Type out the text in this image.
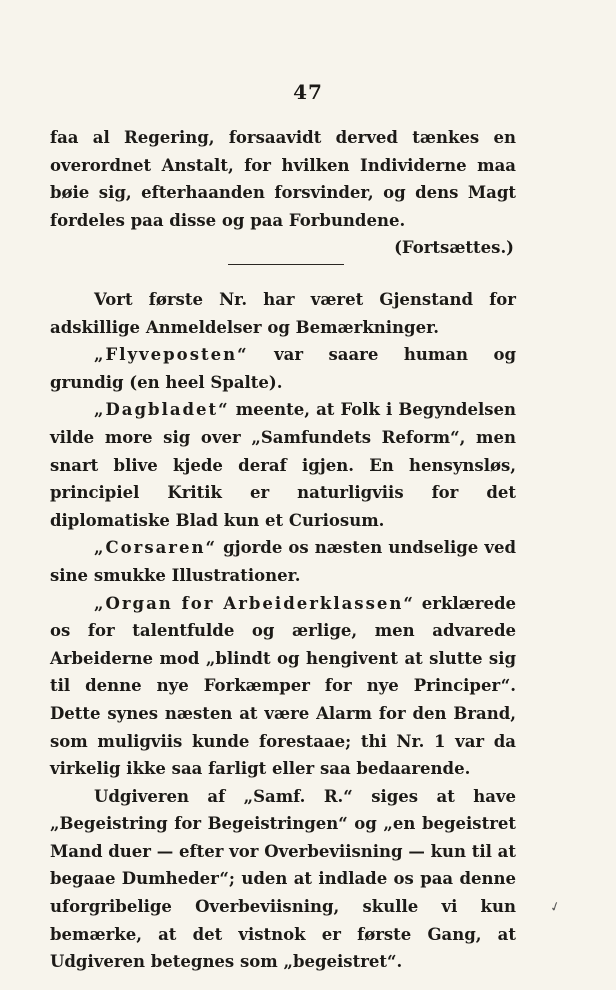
47

faa al Regering, forsaavidt derved tænkes en overordnet Anstalt, for hvilken Individerne maa bøie sig, efterhaanden forsvinder, og dens Magt fordeles paa disse og paa Forbundene.

(Fortsættes.)

Vort første Nr. har været Gjenstand for adskillige Anmeldelser og Bemærkninger.

„Flyveposten“ var saare human og grundig (en heel Spalte).

„Dagbladet“ meente, at Folk i Begyndelsen vilde more sig over „Samfundets Reform“, men snart blive kjede deraf igjen. En hensynsløs, principiel Kritik er naturligviis for det diplomatiske Blad kun et Curiosum.

„Corsaren“ gjorde os næsten undselige ved sine smukke Illustrationer.

„Organ for Arbeiderklassen“ erklærede os for talentfulde og ærlige, men advarede Arbeiderne mod „blindt og hengivent at slutte sig til denne nye Forkæmper for nye Principer“. Dette synes næsten at være Alarm for den Brand, som muligviis kunde forestaae; thi Nr. 1 var da virkelig ikke saa farligt eller saa bedaarende.

Udgiveren af „Samf. R.“ siges at have „Begeistring for Begeistringen“ og „en begeistret Mand duer — efter vor Overbeviisning — kun til at begaae Dumheder“; uden at indlade os paa denne uforgribelige Overbeviisning, skulle vi kun bemærke, at det vistnok er første Gang, at Udgiveren betegnes som „begeistret“.

✓
